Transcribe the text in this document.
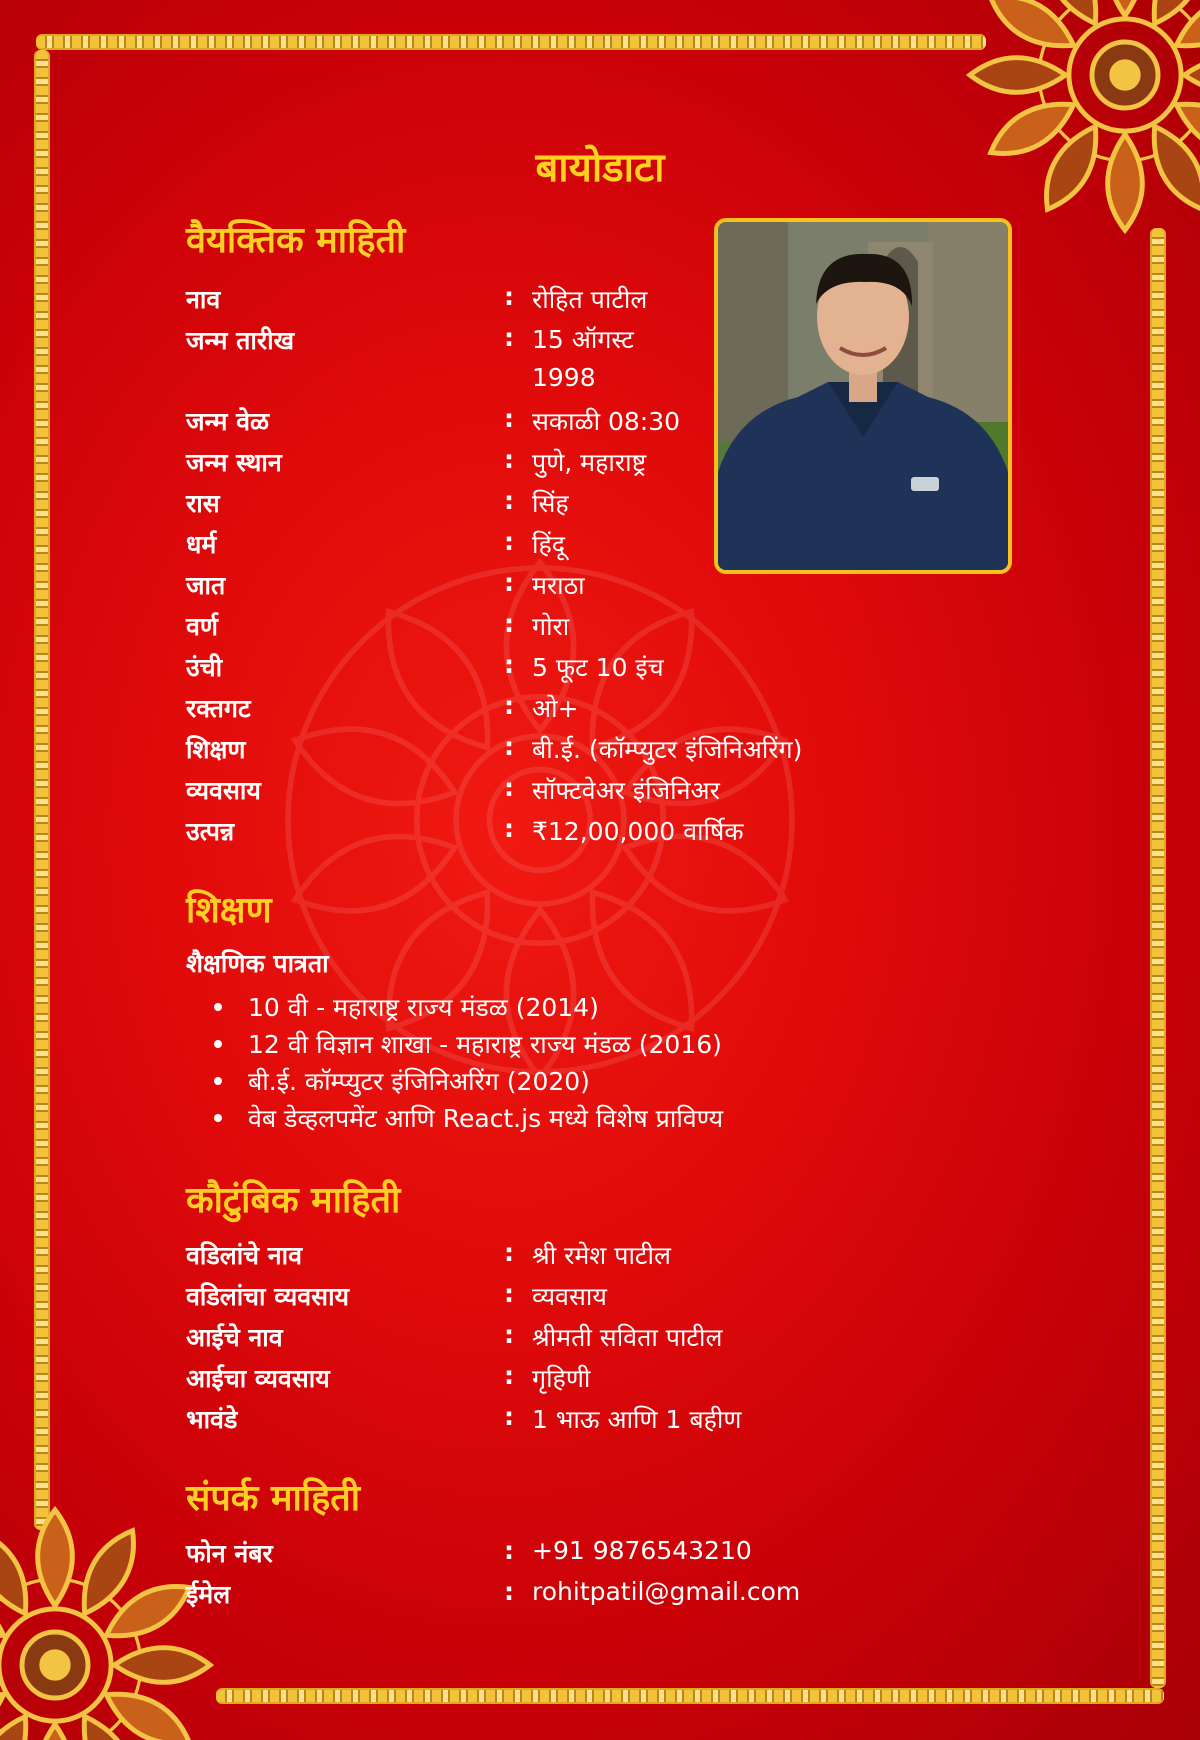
बायोडाटा
वैयक्तिक माहिती
नाव	: रोहित पाटील
जन्म तारीख	: 15 ऑगस्ट 1998
जन्म वेळ	: सकाळी 08:30
जन्म स्थान	: पुणे, महाराष्ट्र
रास	: सिंह
धर्म	: हिंदू
जात	: मराठा
वर्ण	: गोरा
उंची	: 5 फूट 10 इंच
रक्तगट	: ओ+
शिक्षण	: बी.ई. (कॉम्प्युटर इंजिनिअरिंग)
व्यवसाय	: सॉफ्टवेअर इंजिनिअर
उत्पन्न	: ₹12,00,000 वार्षिक
शिक्षण
शैक्षणिक पात्रता
10 वी - महाराष्ट्र राज्य मंडळ (2014)
12 वी विज्ञान शाखा - महाराष्ट्र राज्य मंडळ (2016)
बी.ई. कॉम्प्युटर इंजिनिअरिंग (2020)
वेब डेव्हलपमेंट आणि React.js मध्ये विशेष प्राविण्य
कौटुंबिक माहिती
वडिलांचे नाव	: श्री रमेश पाटील
वडिलांचा व्यवसाय	: व्यवसाय
आईचे नाव	: श्रीमती सविता पाटील
आईचा व्यवसाय	: गृहिणी
भावंडे	: 1 भाऊ आणि 1 बहीण
संपर्क माहिती
फोन नंबर	: +91 9876543210
ईमेल	: rohitpatil@gmail.com
